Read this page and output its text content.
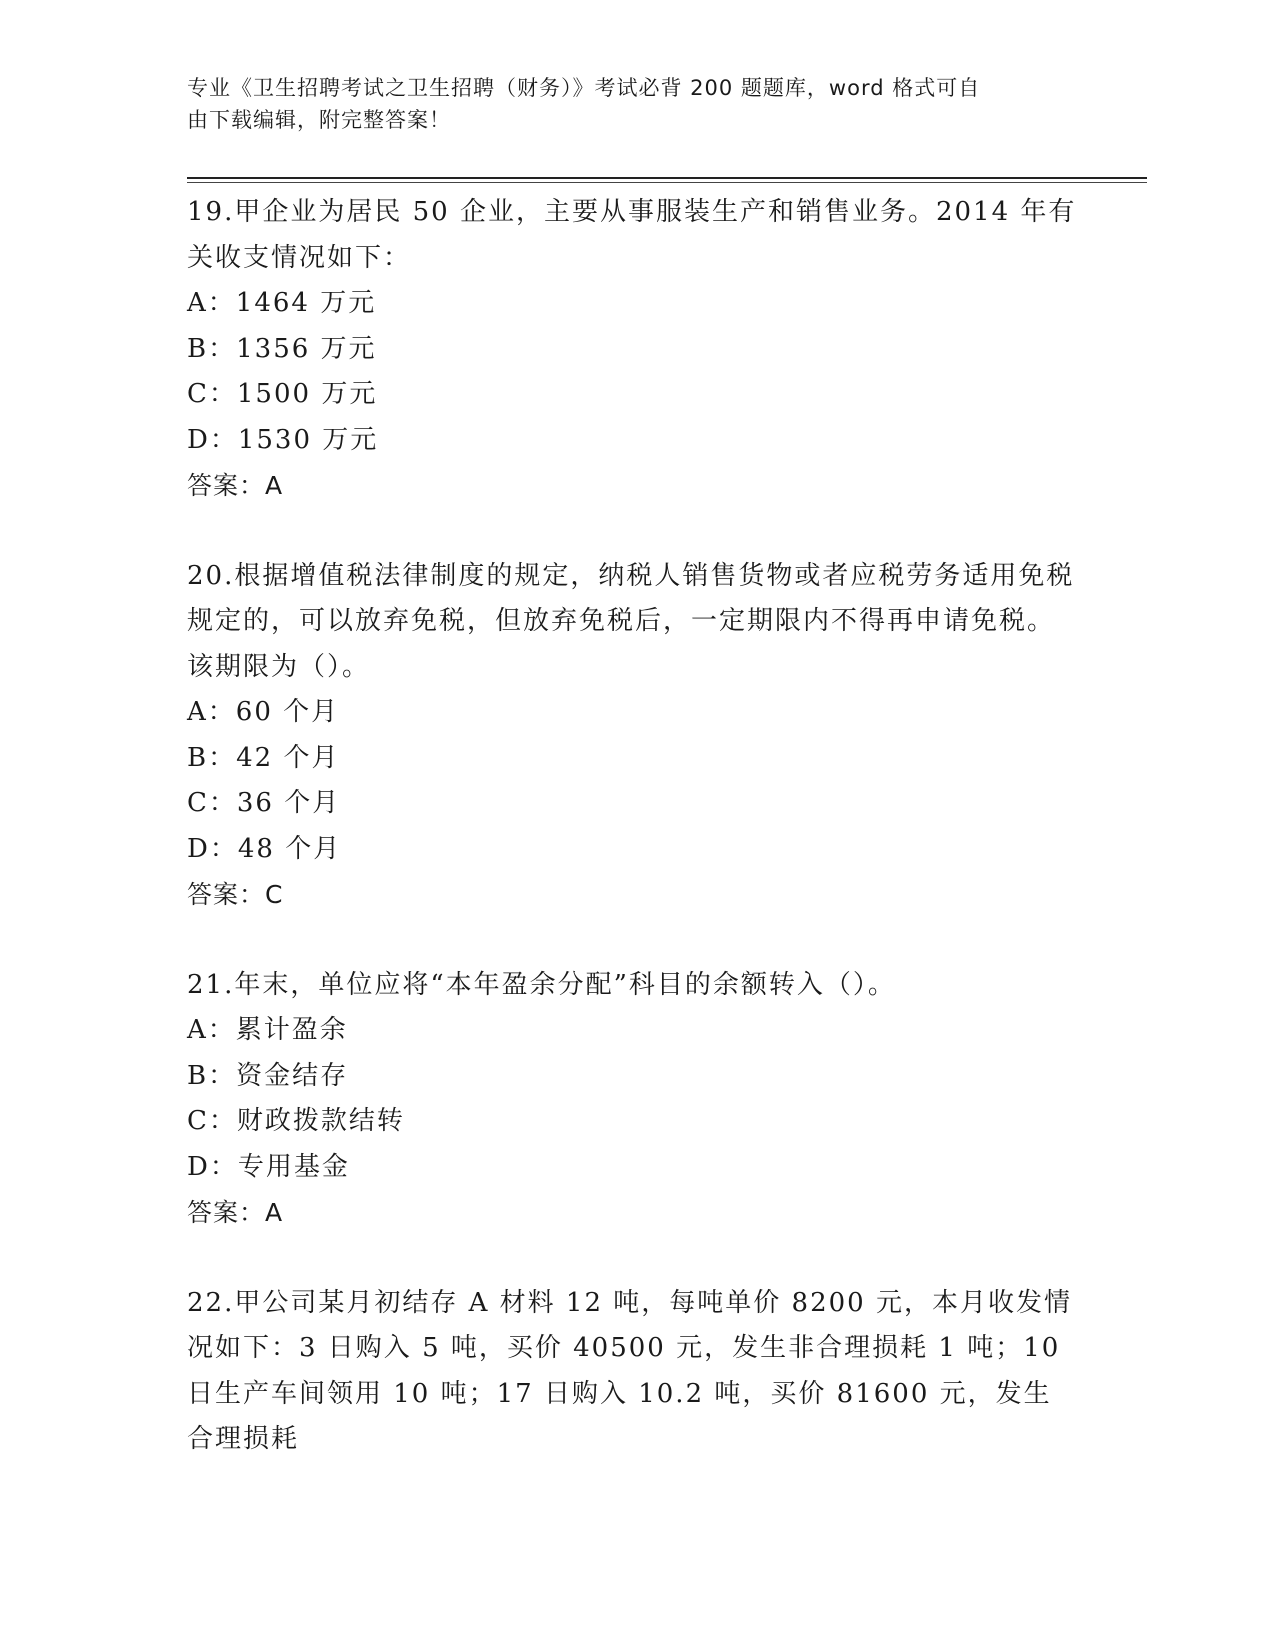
专业《卫生招聘考试之卫生招聘（财务）》考试必背 200 题题库，word 格式可自
由下载编辑，附完整答案！

19.甲企业为居民 50 企业，主要从事服装生产和销售业务。2014 年有关收支情况如下：

A：1464 万元

B：1356 万元

C：1500 万元

D：1530 万元

答案：A

20.根据增值税法律制度的规定，纳税人销售货物或者应税劳务适用免税规定的，可以放弃免税，但放弃免税后，一定期限内不得再申请免税。该期限为（）。

A：60 个月

B：42 个月

C：36 个月

D：48 个月

答案：C

21.年末，单位应将“本年盈余分配”科目的余额转入（）。

A：累计盈余

B：资金结存

C：财政拨款结转

D：专用基金

答案：A

22.甲公司某月初结存 A 材料 12 吨，每吨单价 8200 元，本月收发情况如下：3 日购入 5 吨，买价 40500 元，发生非合理损耗 1 吨；10 日生产车间领用 10 吨；17 日购入 10.2 吨，买价 81600 元，发生合理损耗
